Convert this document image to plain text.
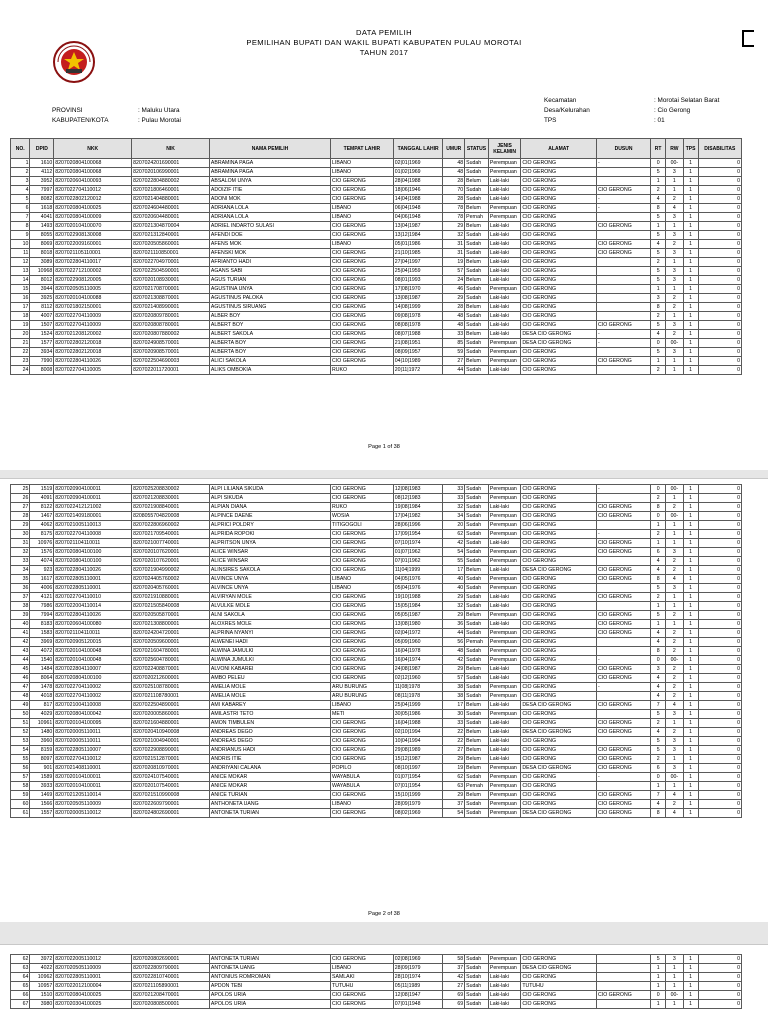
DATA PEMILIH
PEMILIHAN BUPATI DAN WAKIL BUPATI KABUPATEN PULAU MOROTAI
TAHUN 2017
PROVINSI	: Maluku Utara
KABUPATEN/KOTA	: Pulau Morotai
Kecamatan	: Morotai Selatan Barat
Desa/Kelurahan	: Cio Gerong
TPS	: 01
Page 1 of 38
Page 2 of 38
NO.	DPID	NKK	NIK	NAMA PEMILIH	TEMPAT LAHIR	TANGGAL LAHIR	UMUR	STATUS	JENIS KELAMIN	ALAMAT	DUSUN	RT	RW	TPS	DISABILITAS
1	1610	8207020804100068	8207024201690001	ABRAMINA PAGA	LIBANO	02|01|1969	48	Sudah	Perempuan	CIO GERONG	-	0	00-	1	0
2	4112	8207020804100068	8207020106990001	ABRAMINA PAGA	LIBANO	01|02|1969	48	Sudah	Perempuan	CIO GERONG		5	3	1	0
3	3952	8207020604100093	8207022804880002	ABSALOM UNYA	CIO GERONG	28|04|1988	28	Belum	Laki-laki	CIO GERONG		1	1	1	0
4	7997	8207022704110012	8207021806460001	ADOIZIF ITIE	CIO GERONG	18|06|1946	70	Sudah	Laki-laki	CIO GERONG	CIO GERONG	2	1	1	0
5	8082	8207022802120012	8207021404880001	ADONI MOK	CIO GERONG	14|04|1988	28	Sudah	Laki-laki	CIO GERONG	-	4	2	1	0
6	1618	8207020804100025	8207024604480001	ADRIANA LOLA	LIBANO	06|04|1948	78	Belum	Perempuan	CIO GERONG	-	8	4	1	0
7	4041	8207020804100009	8207020604480001	ADRIANA LOLA	LIBANO	04|06|1948	78	Pernah	Perempuan	CIO GERONG		5	3	1	0
8	1493	8207020104100070	8207021304870004	ADRIEL INDARTO SULASI	CIO GERONG	13|04|1987	29	Belum	Laki-laki	CIO GERONG	CIO GERONG	1	1	1	0
9	8055	8207022908130008	8207021312840001	AFENDI DOE	CIO GERONG	13|12|1984	32	Sudah	Laki-laki	CIO GERONG		5	3	1	0
10	8069	8207022009160001	8207020505860001	AFENS MOK	LIBANO	05|01|1986	31	Sudah	Laki-laki	CIO GERONG	CIO GERONG	4	2	1	0
11	8018	8207021105110001	8207021110850001	AFENSKI MOK	CIO GERONG	21|10|1985	31	Sudah	Laki-laki	CIO GERONG	CIO GERONG	5	3	1	0
12	3089	8207022804110017	8207022704970001	AFRIANTO HADI	CIO GERONG	27|04|1997	19	Belum	Laki-laki	CIO GERONG		2	1	1	0
13	10968	8207022712100002	8207022504590001	AGANS SABI	CIO GERONG	25|04|1959	57	Sudah	Laki-laki	CIO GERONG		5	3	1	0
14	8012	8207022908120005	8207020108930001	AGUS TURIAN	CIO GERONG	08|01|1993	24	Belum	Laki-laki	CIO GERONG		5	3	1	0
15	3944	8207020505110005	8207021708700001	AGUSTINA UNYA	CIO GERONG	17|08|1970	46	Sudah	Perempuan	CIO GERONG		1	1	1	0
16	3925	8207020104100088	8207021308870001	AGUSTINUS PALOKA	CIO GERONG	13|08|1987	29	Sudah	Laki-laki	CIO GERONG		3	2	1	0
17	8112	8207021802150001	8207021408990001	AGUSTINUS SIRUANG	CIO GERONG	14|08|1999	28	Belum	Laki-laki	CIO GERONG		8	2	1	0
18	4007	8207022704110009	8207020809780001	ALBER BOY	CIO GERONG	09|08|1978	48	Sudah	Laki-laki	CIO GERONG		2	1	1	0
19	1507	8207022704110009	8207020808780001	ALBERT BOY	CIO GERONG	08|08|1978	48	Sudah	Laki-laki	CIO GERONG	CIO GERONG	5	3	1	0
20	1524	8207021208120002	8207020807880002	ALBERT SAKOLA	CIO GERONG	08|07|1988	33	Belum	Laki-laki	DESA CIO GERONG	-	4	2	1	0
21	1577	8207022802120018	8207024908570001	ALBERTA BOY	CIO GERONG	21|08|1951	85	Sudah	Perempuan	DESA CIO GERONG	-	0	00-	1	0
22	3934	8207022802120018	8207020908570001	ALBERTA BOY	CIO GERONG	08|09|1957	59	Sudah	Perempuan	CIO GERONG		5	3	1	0
23	7990	8207022804110026	8207022504690003	ALICI SAKOLA	CIO GERONG	04|10|1989	27	Belum	Perempuan	CIO GERONG	CIO GERONG	1	1	1	0
24	8008	8207022704110005	8207022011720001	ALIKS OMBOKIA	RUKO	20|11|1972	44	Sudah	Laki-laki	CIO GERONG		2	1	1	0
25	1519	8207020904100011	8207025208830002	ALPI LILIANA SIKUDA	CIO GERONG	12|08|1983	33	Sudah	Perempuan	CIO GERONG	-	0	00-	1	0
26	4091	8207020904100011	8207021208830001	ALPI SIKUDA	CIO GERONG	08|12|1983	33	Sudah	Perempuan	CIO GERONG		2	1	1	0
27	8122	8207022412121002	8207021908840001	ALPIAN DIANA	RUKO	19|08|1984	32	Sudah	Laki-laki	CIO GERONG	CIO GERONG	8	2	1	0
28	1467	8207021409180001	8208055704820008	ALPINCE DAENE	WOSIA	17|04|1982	34	Sudah	Perempuan	CIO GERONG	CIO GERONG	0	00-	1	0
29	4062	8207021005110013	8207022806960002	ALPRICI POLDRY	TITIGOGOLI	28|06|1996	20	Sudah	Perempuan	CIO GERONG		1	1	1	0
30	8175	8207022704110008	8207021709540001	ALPRIDA ROPOKI	CIO GERONG	17|09|1954	62	Sudah	Perempuan	CIO GERONG	-	2	1	1	0
31	10976	8207021104110011	8207021007740001	ALPRITSON UNYA	CIO GERONG	07|10|1974	42	Sudah	Laki-laki	CIO GERONG	CIO GERONG	1	1	1	0
32	1576	8207020804100100	8207020107620001	ALICE WINSAR	CIO GERONG	01|07|1962	54	Sudah	Perempuan	CIO GERONG	CIO GERONG	6	3	1	0
33	4074	8207020804100100	8207020107620001	ALICE WINSAR	CIO GERONG	07|01|1962	55	Sudah	Perempuan	CIO GERONG		4	2	1	0
34	923	8207022804110026	8207021904990002	ALINSIRES SAKOLA	CIO GERONG	11|04|1999	17	Belum	Laki-laki	DESA CIO GERONG	CIO GERONG	4	2	1	0
35	1617	8207022805110001	8207024405760002	ALVINCE UNYA	LIBANO	04|05|1976	40	Sudah	Perempuan	CIO GERONG	CIO GERONG	8	4	1	0
36	4006	8207022805110001	8207020405760001	ALVINCE UNYA	LIBANO	05|04|1976	40	Sudah	Perempuan	CIO GERONG		5	3	1	0
37	4121	8207022704110010	8207021910880001	ALVIRYAN MOLE	CIO GERONG	19|10|1988	29	Sudah	Laki-laki	CIO GERONG	CIO GERONG	2	1	1	0
38	7986	8207022004110014	8207021505840008	ALVULKE MOLE	CIO GERONG	15|05|1984	32	Sudah	Laki-laki	CIO GERONG		1	1	1	0
39	7994	8207022804110026	8207020505870001	ALNI SAKOLA	CIO GERONG	05|05|1987	29	Belum	Perempuan	CIO GERONG	CIO GERONG	5	2	1	0
40	8183	8207020604100080	8207021308800001	ALOXRES MOLE	CIO GERONG	13|08|1980	36	Sudah	Laki-laki	CIO GERONG	CIO GERONG	1	1	1	0
41	1583	8207021104110011	8207024204720001	ALPRINA NYANYI	CIO GERONG	02|04|1972	44	Sudah	Perempuan	CIO GERONG	CIO GERONG	4	2	1	0
42	3969	8207020905120015	8207020509600001	ALWENEI HADI	CIO GERONG	05|09|1960	56	Pernah	Perempuan	CIO GERONG		4	2	1	0
43	4072	8207020104100048	8207021604780001	ALWINA JAMULKI	CIO GERONG	16|04|1978	48	Sudah	Perempuan	CIO GERONG		8	2	1	0
44	1540	8207020104100048	8207025604780001	ALWINA JUMULKI	CIO GERONG	16|04|1974	42	Sudah	Perempuan	CIO GERONG	-	0	00-	1	0
45	1484	8207022804110007	8207022408870001	ALVONI KABAREI	CIO GERONG	24|08|1987	29	Belum	Laki-laki	CIO GERONG	CIO GERONG	3	2	1	0
46	8064	8207020804100100	8207020212600001	AMBO PELEU	CIO GERONG	02|12|1960	57	Sudah	Laki-laki	CIO GERONG	CIO GERONG	4	2	1	0
47	1478	8207022704110002	8207025108780001	AMELIA MOLE	ARU BURUNG	11|08|1978	38	Sudah	Perempuan	CIO GERONG	-	4	2	1	0
48	4018	8207022704110002	8207021108780001	AMELIA MOLE	ARU BURUNG	08|11|1978	38	Sudah	Perempuan	CIO GERONG		4	2	1	0
49	817	8207021004110008	8207022504890001	AMI KABAREY	LIBANO	25|04|1999	17	Belum	Laki-laki	DESA CIO GERONG	CIO GERONG	7	4	1	0
50	4029	8207020804100042	8207020005860001	AMILASTRI TETO	METI	30|05|1986	30	Sudah	Perempuan	CIO GERONG		5	3	1	0
51	10961	8207020104100095	8207021604880001	AMON TIMBULEN	CIO GERONG	16|04|1988	33	Sudah	Laki-laki	CIO GERONG	CIO GERONG	2	1	1	0
52	1480	8207020005110011	8207020410940008	ANDREAS DEGO	CIO GERONG	02|10|1994	22	Belum	Laki-laki	DESA CIO GERONG	CIO GERONG	4	2	1	0
53	3960	8207020005110011	8207021004940001	ANDREAS DEGO	CIO GERONG	10|04|1994	22	Belum	Laki-laki	CIO GERONG		5	3	1	0
54	8159	8207022805110007	8207022908890001	ANDRIANUS HADI	CIO GERONG	29|08|1989	27	Belum	Laki-laki	CIO GERONG	CIO GERONG	5	3	1	0
55	8097	8207022704110012	8207021512870001	ANDRIS ITIE	CIO GERONG	15|12|1987	29	Belum	Laki-laki	CIO GERONG	CIO GERONG	2	1	1	0
56	901	8207021408110001	8207020810970001	ANDRIYANI CALANA	POPILO	08|10|1997	19	Belum	Perempuan	DESA CIO GERONG	CIO GERONG	6	3	1	0
57	1589	8207020104100011	8207024107540001	ANICE MOKAR	WAYABULA	01|07|1954	62	Sudah	Perempuan	CIO GERONG	-	0	00-	1	0
58	3933	8207020104100011	8207020107540001	ANICE MOKAR	WAYABULA	07|01|1954	63	Pernah	Perempuan	CIO GERONG		1	1	1	0
59	1469	8207021205110014	8207021510990008	ANICE TURIAN	CIO GERONG	15|10|1999	29	Belum	Perempuan	CIO GERONG	CIO GERONG	7	4	1	0
60	1566	8207020505110009	8207022609790001	ANTHONETA UANG	LIBANO	28|09|1979	37	Sudah	Perempuan	CIO GERONG	CIO GERONG	4	2	1	0
61	1557	8207020005110012	8207024802690001	ANTONETA TURIAN	CIO GERONG	08|02|1969	54	Sudah	Perempuan	DESA CIO GERONG	CIO GERONG	8	4	1	0
62	3972	8207022005110012	8207020802690001	ANTONETA TURIAN	CIO GERONG	02|08|1969	58	Sudah	Perempuan	CIO GERONG		5	3	1	0
63	4022	8207020505110009	8207022809790001	ANTONETA UANG	LIBANO	28|09|1979	37	Sudah	Perempuan	DESA CIO GERONG		1	1	1	0
64	10962	8207022805110001	8207022810740001	ANTONIUS ROMROMAN	SAMLAKI	28|10|1974	42	Sudah	Laki-laki	CIO GERONG		1	1	1	0
65	10957	8207022012100004	8207021105890001	APDON TEBI	TUTUHU	05|11|1989	27	Sudah	Laki-laki	TUTUHU		1	1	1	0
66	1510	8207020804100025	8207021208470001	APOLOS URIA	CIO GERONG	12|08|1947	69	Sudah	Laki-laki	CIO GERONG	CIO GERONG	0	00-	1	0
67	3980	8207020304100025	8207020808500001	APOLOS URIA	CIO GERONG	07|01|1948	69	Sudah	Laki-laki	CIO GERONG		1	1	1	0
